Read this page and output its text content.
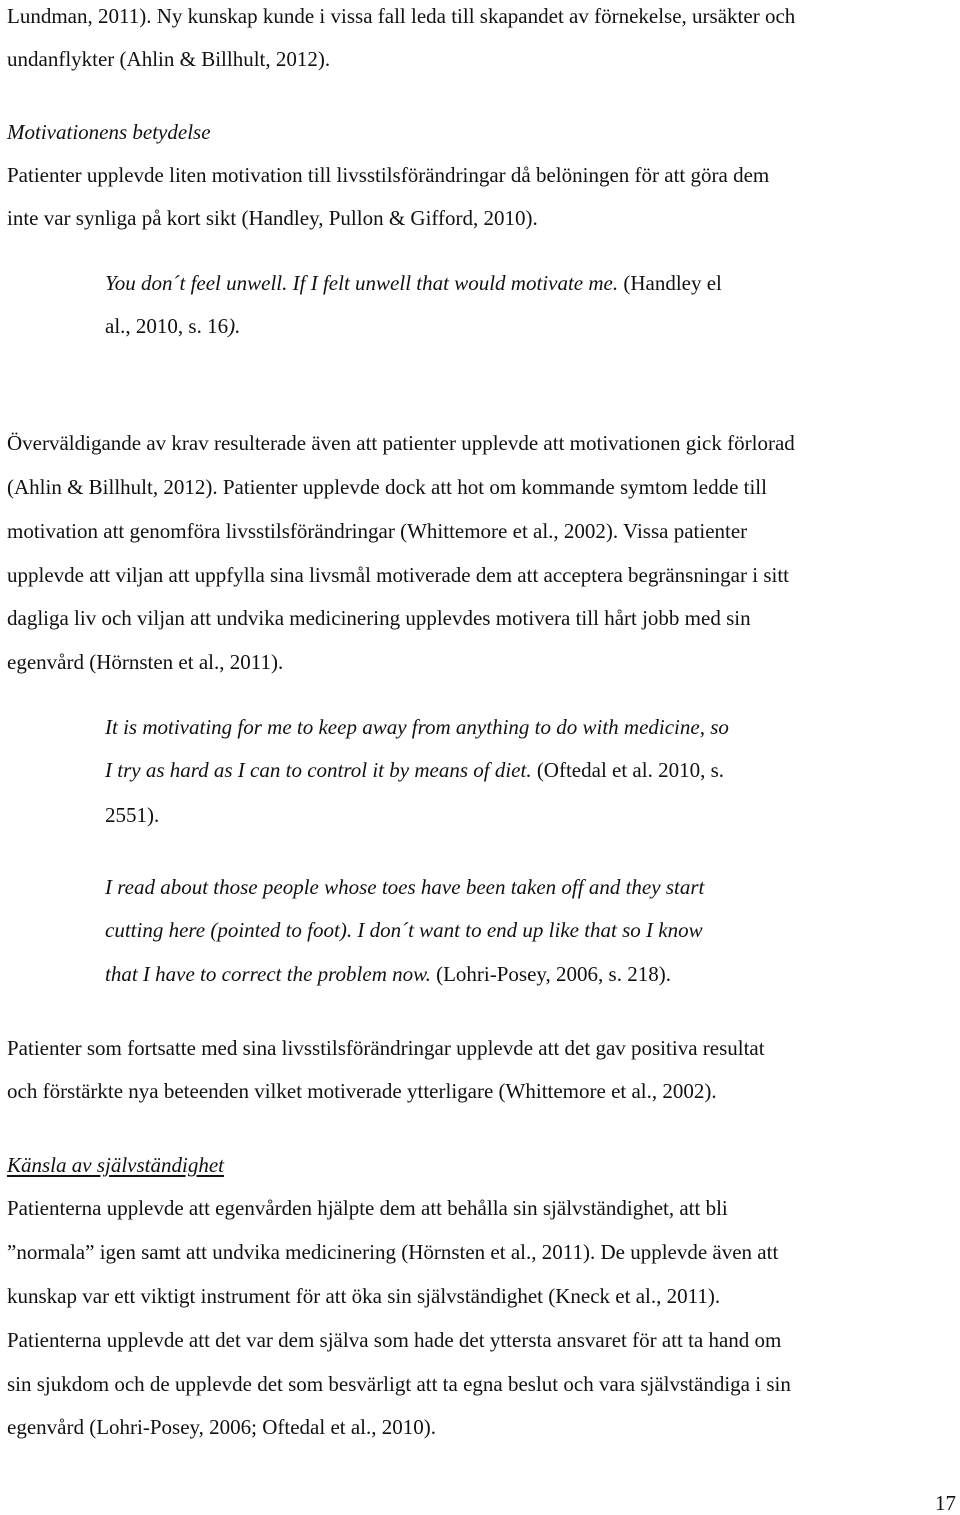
Lundman, 2011). Ny kunskap kunde i vissa fall leda till skapandet av förnekelse, ursäkter och
undanflykter (Ahlin & Billhult, 2012).
Motivationens betydelse
Patienter upplevde liten motivation till livsstilsförändringar då belöningen för att göra dem
inte var synliga på kort sikt (Handley, Pullon & Gifford, 2010).
You don´t feel unwell. If I felt unwell that would motivate me. (Handley el
al., 2010, s. 16).
Överväldigande av krav resulterade även att patienter upplevde att motivationen gick förlorad
(Ahlin & Billhult, 2012). Patienter upplevde dock att hot om kommande symtom ledde till
motivation att genomföra livsstilsförändringar (Whittemore et al., 2002). Vissa patienter
upplevde att viljan att uppfylla sina livsmål motiverade dem att acceptera begränsningar i sitt
dagliga liv och viljan att undvika medicinering upplevdes motivera till hårt jobb med sin
egenvård (Hörnsten et al., 2011).
It is motivating for me to keep away from anything to do with medicine, so
I try as hard as I can to control it by means of diet. (Oftedal et al. 2010, s.
2551).
I read about those people whose toes have been taken off and they start
cutting here (pointed to foot). I don´t want to end up like that so I know
that I have to correct the problem now. (Lohri-Posey, 2006, s. 218).
Patienter som fortsatte med sina livsstilsförändringar upplevde att det gav positiva resultat
och förstärkte nya beteenden vilket motiverade ytterligare (Whittemore et al., 2002).
Känsla av självständighet
Patienterna upplevde att egenvården hjälpte dem att behålla sin självständighet, att bli
”normala” igen samt att undvika medicinering (Hörnsten et al., 2011). De upplevde även att
kunskap var ett viktigt instrument för att öka sin självständighet (Kneck et al., 2011).
Patienterna upplevde att det var dem själva som hade det yttersta ansvaret för att ta hand om
sin sjukdom och de upplevde det som besvärligt att ta egna beslut och vara självständiga i sin
egenvård (Lohri-Posey, 2006; Oftedal et al., 2010).
17
